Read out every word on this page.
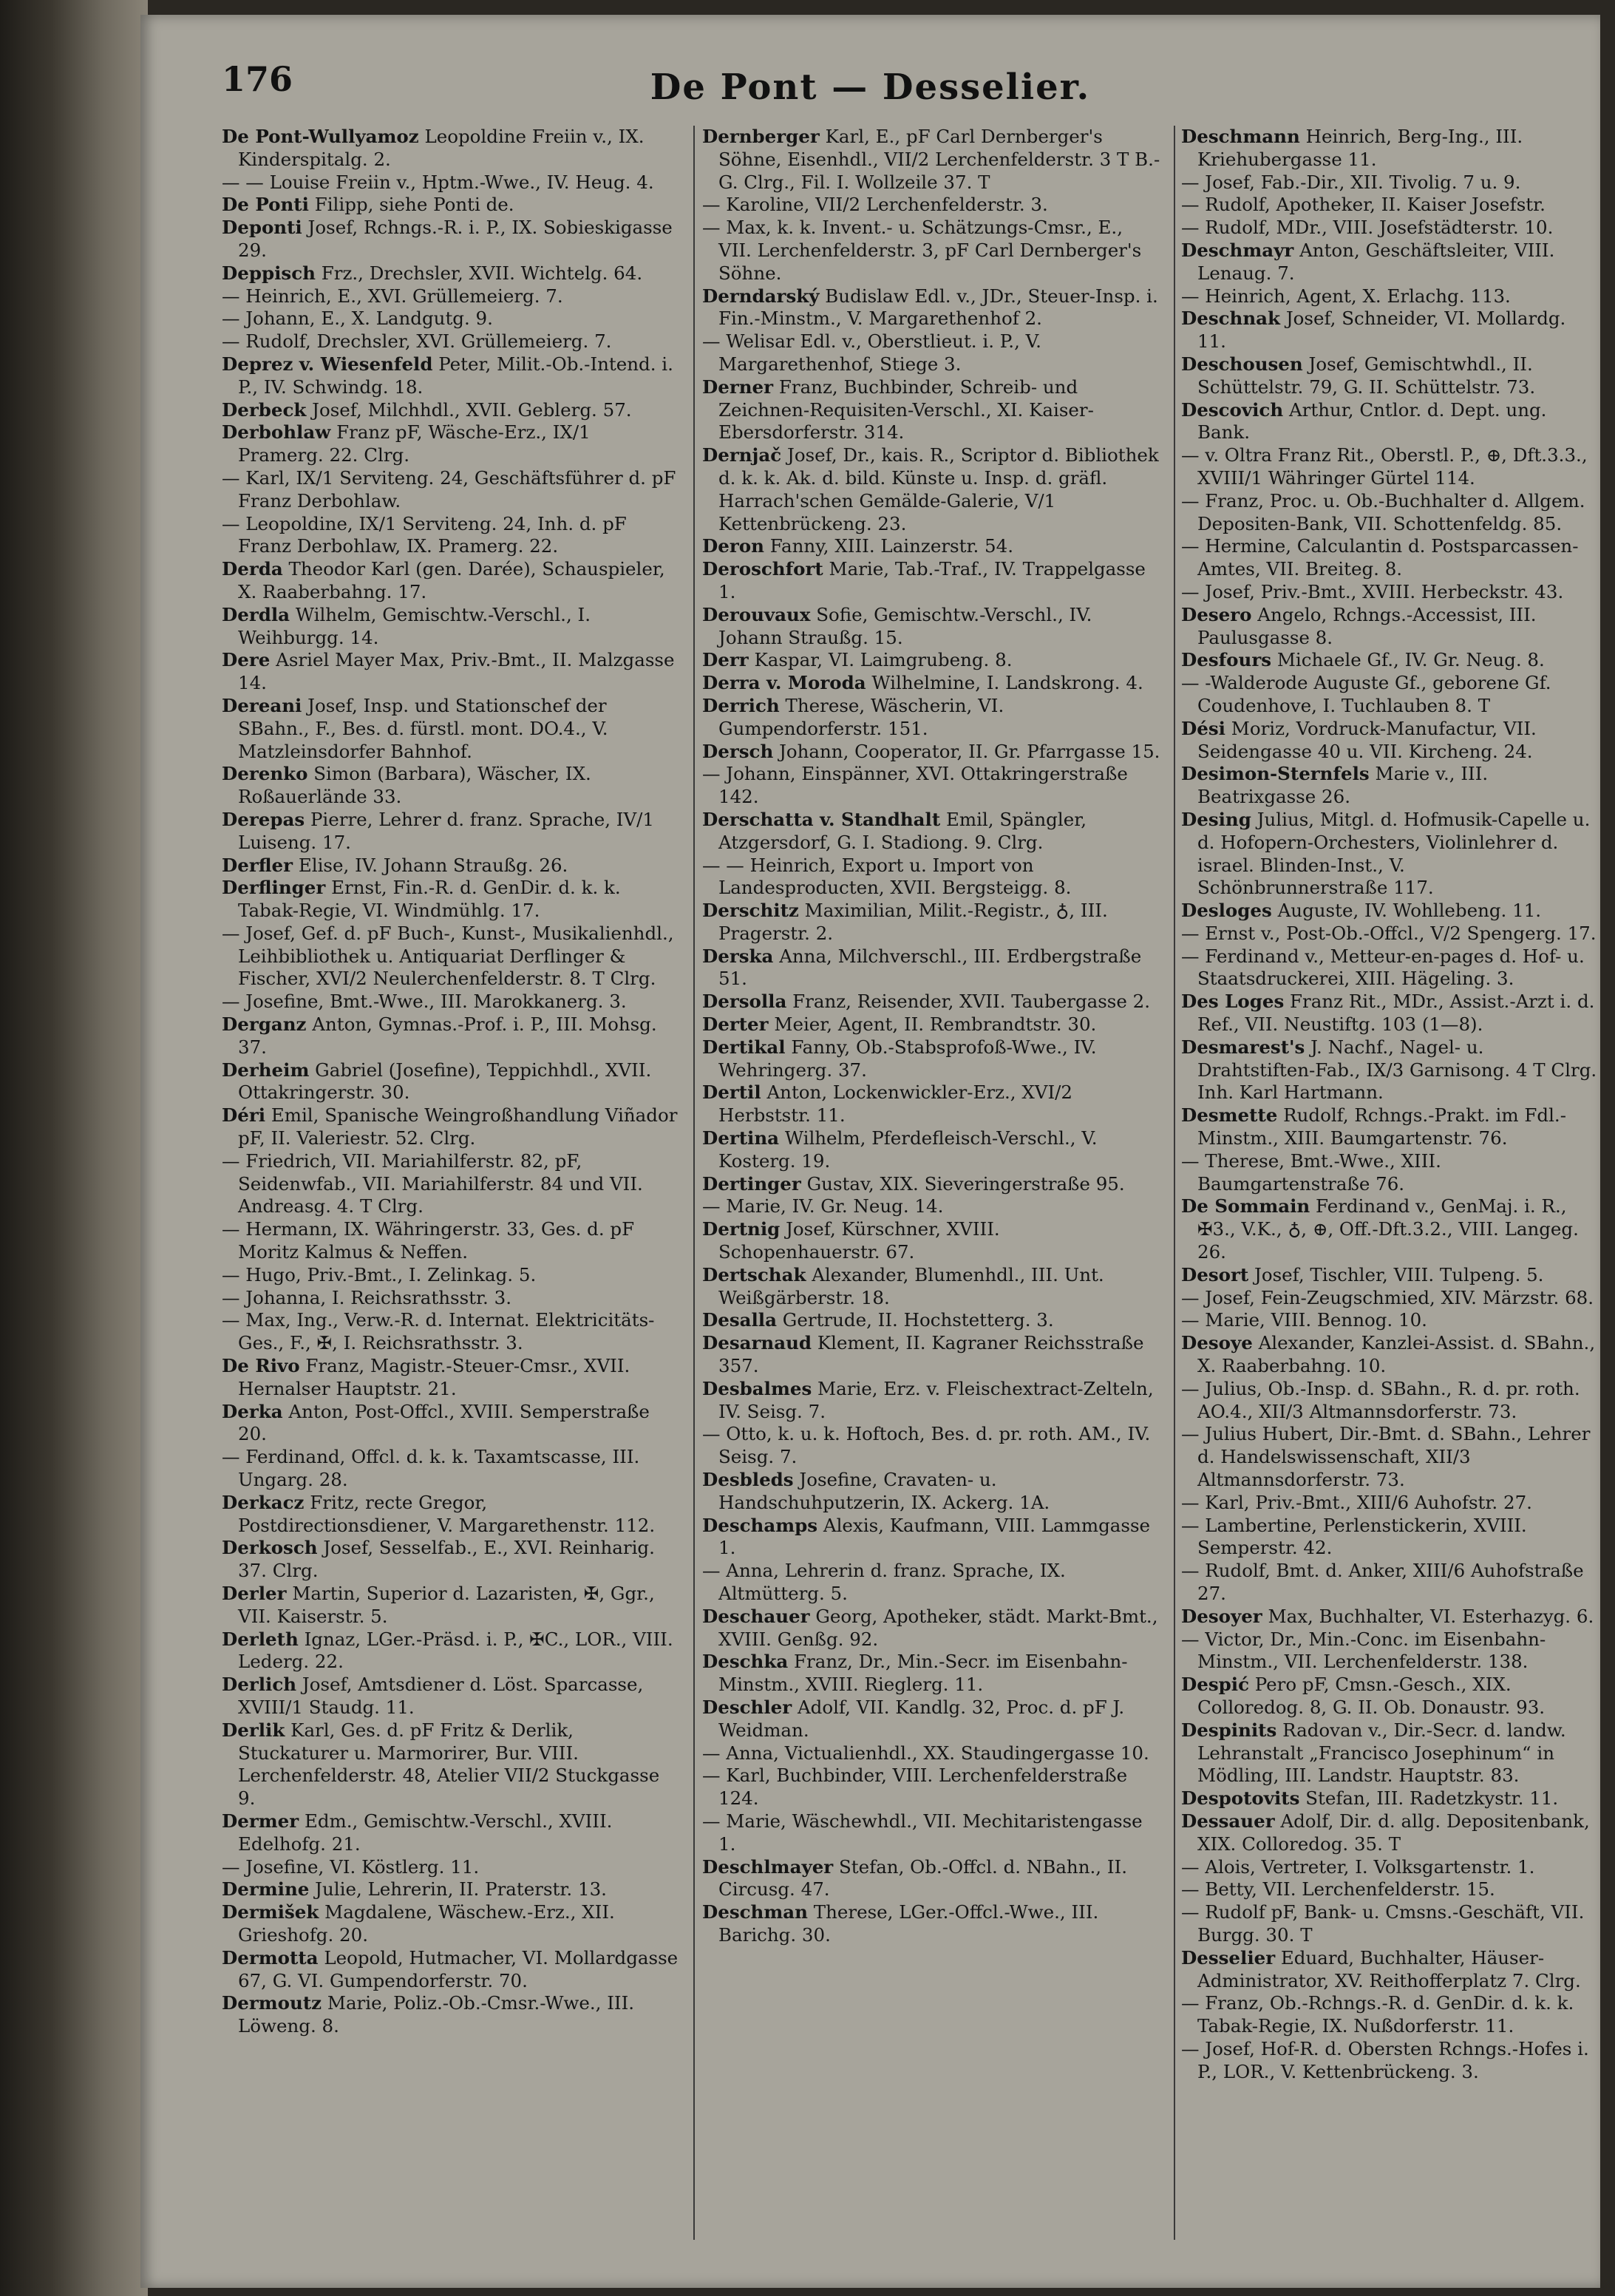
176	De Pont — Desselier.

De Pont-Wullyamoz Leopoldine Freiin v., IX. Kinderspitalg. 2.

— — Louise Freiin v., Hptm.-Wwe., IV. Heug. 4.

De Ponti Filipp, siehe Ponti de.

Deponti Josef, Rchngs.-R. i. P., IX. Sobieskigasse 29.

Deppisch Frz., Drechsler, XVII. Wichtelg. 64.

— Heinrich, E., XVI. Grüllemeierg. 7.

— Johann, E., X. Landgutg. 9.

— Rudolf, Drechsler, XVI. Grüllemeierg. 7.

Deprez v. Wiesenfeld Peter, Milit.-Ob.-Intend. i. P., IV. Schwindg. 18.

Derbeck Josef, Milchhdl., XVII. Geblerg. 57.

Derbohlaw Franz pF, Wäsche-Erz., IX/1 Pramerg. 22. Clrg.

— Karl, IX/1 Serviteng. 24, Geschäftsführer d. pF Franz Derbohlaw.

— Leopoldine, IX/1 Serviteng. 24, Inh. d. pF Franz Derbohlaw, IX. Pramerg. 22.

Derda Theodor Karl (gen. Darée), Schauspieler, X. Raaberbahng. 17.

Derdla Wilhelm, Gemischtw.-Verschl., I. Weihburgg. 14.

Dere Asriel Mayer Max, Priv.-Bmt., II. Malzgasse 14.

Dereani Josef, Insp. und Stationschef der SBahn., F., Bes. d. fürstl. mont. DO.4., V. Matzleinsdorfer Bahnhof.

Derenko Simon (Barbara), Wäscher, IX. Roßauerlände 33.

Derepas Pierre, Lehrer d. franz. Sprache, IV/1 Luiseng. 17.

Derfler Elise, IV. Johann Straußg. 26.

Derflinger Ernst, Fin.-R. d. GenDir. d. k. k. Tabak-Regie, VI. Windmühlg. 17.

— Josef, Gef. d. pF Buch-, Kunst-, Musikalienhdl., Leihbibliothek u. Antiquariat Derflinger & Fischer, XVI/2 Neulerchenfelderstr. 8. T Clrg.

— Josefine, Bmt.-Wwe., III. Marokkanerg. 3.

Derganz Anton, Gymnas.-Prof. i. P., III. Mohsg. 37.

Derheim Gabriel (Josefine), Teppichhdl., XVII. Ottakringerstr. 30.

Déri Emil, Spanische Weingroßhandlung Viñador pF, II. Valeriestr. 52. Clrg.

— Friedrich, VII. Mariahilferstr. 82, pF, Seidenwfab., VII. Mariahilferstr. 84 und VII. Andreasg. 4. T Clrg.

— Hermann, IX. Währingerstr. 33, Ges. d. pF Moritz Kalmus & Neffen.

— Hugo, Priv.-Bmt., I. Zelinkag. 5.

— Johanna, I. Reichsrathsstr. 3.

— Max, Ing., Verw.-R. d. Internat. Elektricitäts-Ges., F., ✠, I. Reichsrathsstr. 3.

De Rivo Franz, Magistr.-Steuer-Cmsr., XVII. Hernalser Hauptstr. 21.

Derka Anton, Post-Offcl., XVIII. Semperstraße 20.

— Ferdinand, Offcl. d. k. k. Taxamtscasse, III. Ungarg. 28.

Derkacz Fritz, recte Gregor, Postdirectionsdiener, V. Margarethenstr. 112.

Derkosch Josef, Sesselfab., E., XVI. Reinharig. 37. Clrg.

Derler Martin, Superior d. Lazaristen, ✠, Ggr., VII. Kaiserstr. 5.

Derleth Ignaz, LGer.-Präsd. i. P., ✠C., LOR., VIII. Lederg. 22.

Derlich Josef, Amtsdiener d. Löst. Sparcasse, XVIII/1 Staudg. 11.

Derlik Karl, Ges. d. pF Fritz & Derlik, Stuckaturer u. Marmorirer, Bur. VIII. Lerchenfelderstr. 48, Atelier VII/2 Stuckgasse 9.

Dermer Edm., Gemischtw.-Verschl., XVIII. Edelhofg. 21.

— Josefine, VI. Köstlerg. 11.

Dermine Julie, Lehrerin, II. Praterstr. 13.

Dermišek Magdalene, Wäschew.-Erz., XII. Grieshofg. 20.

Dermotta Leopold, Hutmacher, VI. Mollardgasse 67, G. VI. Gumpendorferstr. 70.

Dermoutz Marie, Poliz.-Ob.-Cmsr.-Wwe., III. Löweng. 8.

Dernberger Karl, E., pF Carl Dernberger's Söhne, Eisenhdl., VII/2 Lerchenfelderstr. 3 T B.-G. Clrg., Fil. I. Wollzeile 37. T

— Karoline, VII/2 Lerchenfelderstr. 3.

— Max, k. k. Invent.- u. Schätzungs-Cmsr., E., VII. Lerchenfelderstr. 3, pF Carl Dernberger's Söhne.

Derndarský Budislaw Edl. v., JDr., Steuer-Insp. i. Fin.-Minstm., V. Margarethenhof 2.

— Welisar Edl. v., Oberstlieut. i. P., V. Margarethenhof, Stiege 3.

Derner Franz, Buchbinder, Schreib- und Zeichnen-Requisiten-Verschl., XI. Kaiser-Ebersdorferstr. 314.

Dernjač Josef, Dr., kais. R., Scriptor d. Bibliothek d. k. k. Ak. d. bild. Künste u. Insp. d. gräfl. Harrach'schen Gemälde-Galerie, V/1 Kettenbrückeng. 23.

Deron Fanny, XIII. Lainzerstr. 54.

Deroschfort Marie, Tab.-Traf., IV. Trappelgasse 1.

Derouvaux Sofie, Gemischtw.-Verschl., IV. Johann Straußg. 15.

Derr Kaspar, VI. Laimgrubeng. 8.

Derra v. Moroda Wilhelmine, I. Landskrong. 4.

Derrich Therese, Wäscherin, VI. Gumpendorferstr. 151.

Dersch Johann, Cooperator, II. Gr. Pfarrgasse 15.

— Johann, Einspänner, XVI. Ottakringerstraße 142.

Derschatta v. Standhalt Emil, Spängler, Atzgersdorf, G. I. Stadiong. 9. Clrg.

— — Heinrich, Export u. Import von Landesproducten, XVII. Bergsteigg. 8.

Derschitz Maximilian, Milit.-Registr., ♁, III. Pragerstr. 2.

Derska Anna, Milchverschl., III. Erdbergstraße 51.

Dersolla Franz, Reisender, XVII. Taubergasse 2.

Derter Meier, Agent, II. Rembrandtstr. 30.

Dertikal Fanny, Ob.-Stabsprofoß-Wwe., IV. Wehringerg. 37.

Dertil Anton, Lockenwickler-Erz., XVI/2 Herbststr. 11.

Dertina Wilhelm, Pferdefleisch-Verschl., V. Kosterg. 19.

Dertinger Gustav, XIX. Sieveringerstraße 95.

— Marie, IV. Gr. Neug. 14.

Dertnig Josef, Kürschner, XVIII. Schopenhauerstr. 67.

Dertschak Alexander, Blumenhdl., III. Unt. Weißgärberstr. 18.

Desalla Gertrude, II. Hochstetterg. 3.

Desarnaud Klement, II. Kagraner Reichsstraße 357.

Desbalmes Marie, Erz. v. Fleischextract-Zelteln, IV. Seisg. 7.

— Otto, k. u. k. Hoftoch, Bes. d. pr. roth. AM., IV. Seisg. 7.

Desbleds Josefine, Cravaten- u. Handschuhputzerin, IX. Ackerg. 1A.

Deschamps Alexis, Kaufmann, VIII. Lammgasse 1.

— Anna, Lehrerin d. franz. Sprache, IX. Altmütterg. 5.

Deschauer Georg, Apotheker, städt. Markt-Bmt., XVIII. Genßg. 92.

Deschka Franz, Dr., Min.-Secr. im Eisenbahn-Minstm., XVIII. Rieglerg. 11.

Deschler Adolf, VII. Kandlg. 32, Proc. d. pF J. Weidman.

— Anna, Victualienhdl., XX. Staudingergasse 10.

— Karl, Buchbinder, VIII. Lerchenfelderstraße 124.

— Marie, Wäschewhdl., VII. Mechitaristengasse 1.

Deschlmayer Stefan, Ob.-Offcl. d. NBahn., II. Circusg. 47.

Deschman Therese, LGer.-Offcl.-Wwe., III. Barichg. 30.

Deschmann Heinrich, Berg-Ing., III. Kriehubergasse 11.

— Josef, Fab.-Dir., XII. Tivolig. 7 u. 9.

— Rudolf, Apotheker, II. Kaiser Josefstr.

— Rudolf, MDr., VIII. Josefstädterstr. 10.

Deschmayr Anton, Geschäftsleiter, VIII. Lenaug. 7.

— Heinrich, Agent, X. Erlachg. 113.

Deschnak Josef, Schneider, VI. Mollardg. 11.

Deschousen Josef, Gemischtwhdl., II. Schüttelstr. 79, G. II. Schüttelstr. 73.

Descovich Arthur, Cntlor. d. Dept. ung. Bank.

— v. Oltra Franz Rit., Oberstl. P., ⊕, Dft.3.3., XVIII/1 Währinger Gürtel 114.

— Franz, Proc. u. Ob.-Buchhalter d. Allgem. Depositen-Bank, VII. Schottenfeldg. 85.

— Hermine, Calculantin d. Postsparcassen-Amtes, VII. Breiteg. 8.

— Josef, Priv.-Bmt., XVIII. Herbeckstr. 43.

Desero Angelo, Rchngs.-Accessist, III. Paulusgasse 8.

Desfours Michaele Gf., IV. Gr. Neug. 8.

— -Walderode Auguste Gf., geborene Gf. Coudenhove, I. Tuchlauben 8. T

Dési Moriz, Vordruck-Manufactur, VII. Seidengasse 40 u. VII. Kircheng. 24.

Desimon-Sternfels Marie v., III. Beatrixgasse 26.

Desing Julius, Mitgl. d. Hofmusik-Capelle u. d. Hofopern-Orchesters, Violinlehrer d. israel. Blinden-Inst., V. Schönbrunnerstraße 117.

Desloges Auguste, IV. Wohllebeng. 11.

— Ernst v., Post-Ob.-Offcl., V/2 Spengerg. 17.

— Ferdinand v., Metteur-en-pages d. Hof- u. Staatsdruckerei, XIII. Hägeling. 3.

Des Loges Franz Rit., MDr., Assist.-Arzt i. d. Ref., VII. Neustiftg. 103 (1—8).

Desmarest's J. Nachf., Nagel- u. Drahtstiften-Fab., IX/3 Garnisong. 4 T Clrg. Inh. Karl Hartmann.

Desmette Rudolf, Rchngs.-Prakt. im Fdl.-Minstm., XIII. Baumgartenstr. 76.

— Therese, Bmt.-Wwe., XIII. Baumgartenstraße 76.

De Sommain Ferdinand v., GenMaj. i. R., ✠3., V.K., ♁, ⊕, Off.-Dft.3.2., VIII. Langeg. 26.

Desort Josef, Tischler, VIII. Tulpeng. 5.

— Josef, Fein-Zeugschmied, XIV. Märzstr. 68.

— Marie, VIII. Bennog. 10.

Desoye Alexander, Kanzlei-Assist. d. SBahn., X. Raaberbahng. 10.

— Julius, Ob.-Insp. d. SBahn., R. d. pr. roth. AO.4., XII/3 Altmannsdorferstr. 73.

— Julius Hubert, Dir.-Bmt. d. SBahn., Lehrer d. Handelswissenschaft, XII/3 Altmannsdorferstr. 73.

— Karl, Priv.-Bmt., XIII/6 Auhofstr. 27.

— Lambertine, Perlenstickerin, XVIII. Semperstr. 42.

— Rudolf, Bmt. d. Anker, XIII/6 Auhofstraße 27.

Desoyer Max, Buchhalter, VI. Esterhazyg. 6.

— Victor, Dr., Min.-Conc. im Eisenbahn-Minstm., VII. Lerchenfelderstr. 138.

Despić Pero pF, Cmsn.-Gesch., XIX. Colloredog. 8, G. II. Ob. Donaustr. 93.

Despinits Radovan v., Dir.-Secr. d. landw. Lehranstalt „Francisco Josephinum“ in Mödling, III. Landstr. Hauptstr. 83.

Despotovits Stefan, III. Radetzkystr. 11.

Dessauer Adolf, Dir. d. allg. Depositenbank, XIX. Colloredog. 35. T

— Alois, Vertreter, I. Volksgartenstr. 1.

— Betty, VII. Lerchenfelderstr. 15.

— Rudolf pF, Bank- u. Cmsns.-Geschäft, VII. Burgg. 30. T

Desselier Eduard, Buchhalter, Häuser-Administrator, XV. Reithofferplatz 7. Clrg.

— Franz, Ob.-Rchngs.-R. d. GenDir. d. k. k. Tabak-Regie, IX. Nußdorferstr. 11.

— Josef, Hof-R. d. Obersten Rchngs.-Hofes i. P., LOR., V. Kettenbrückeng. 3.
